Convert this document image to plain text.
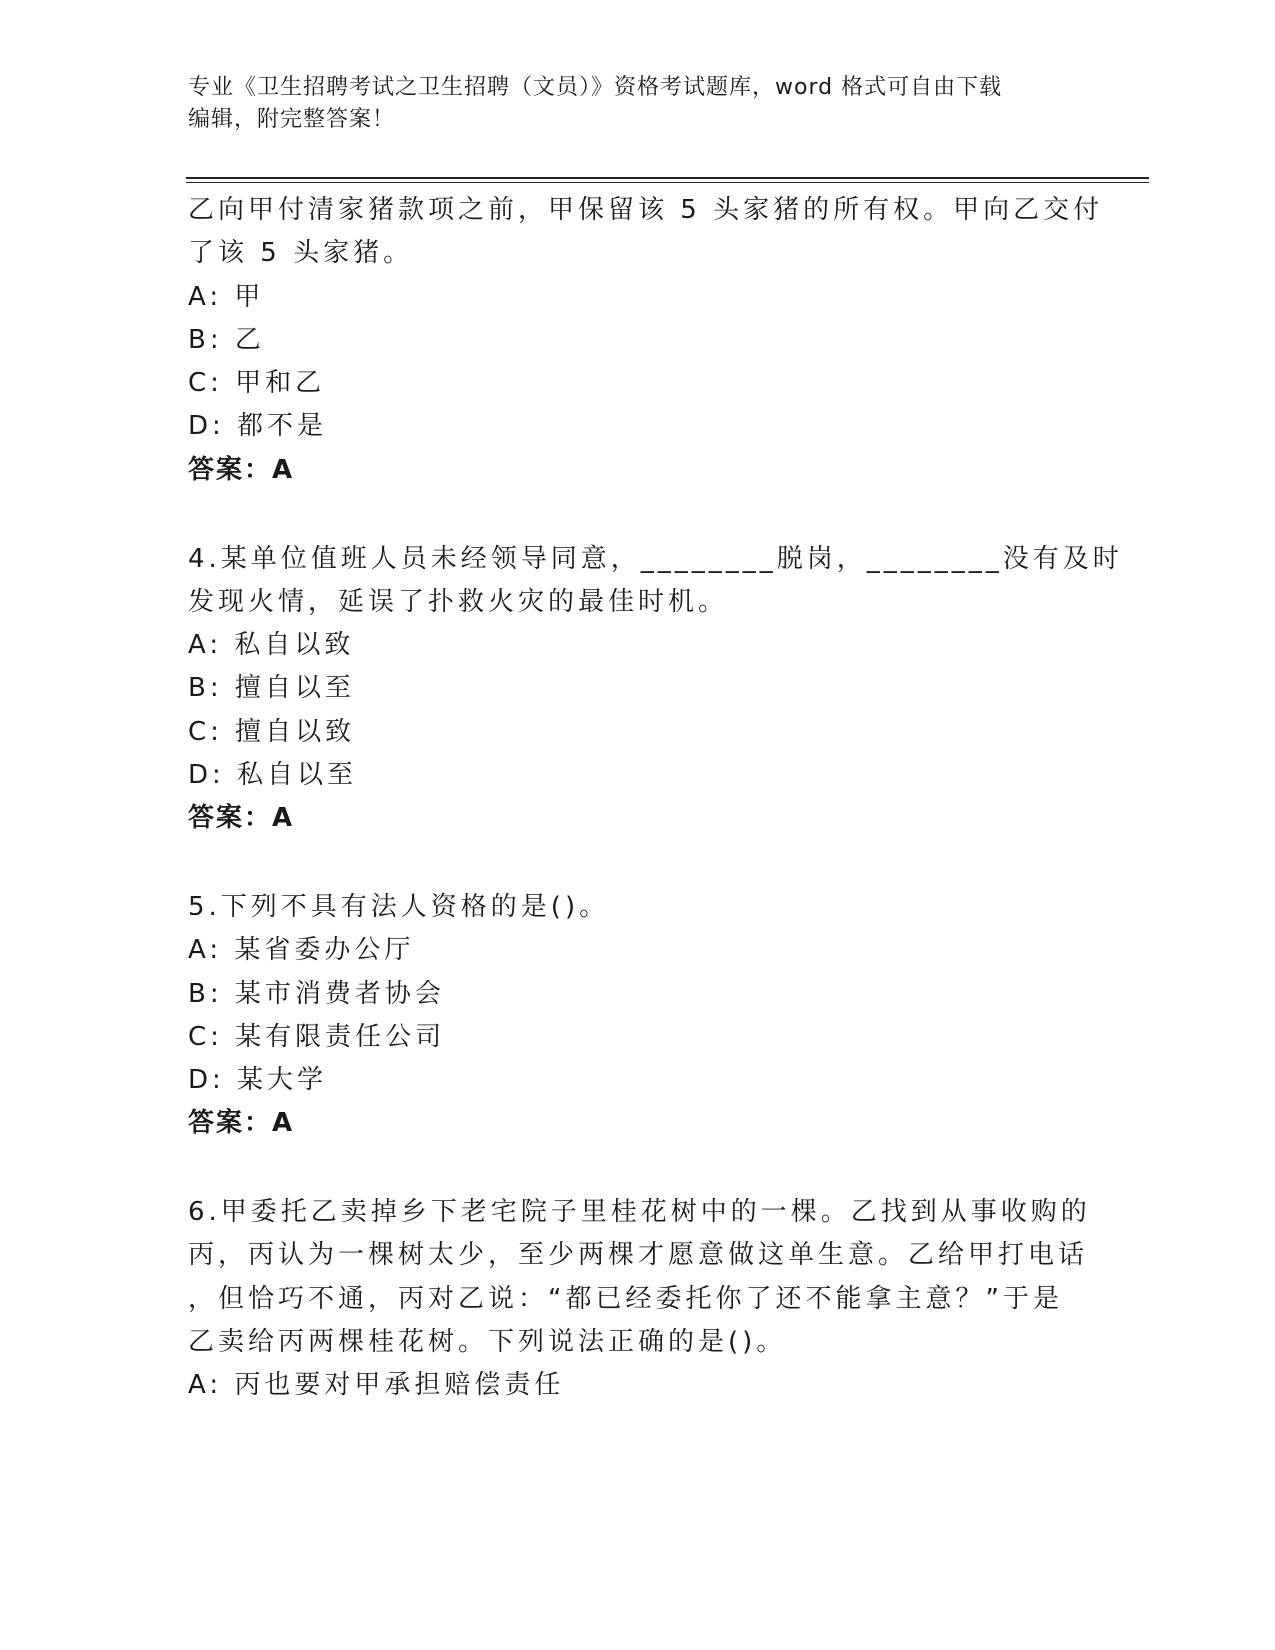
专业《卫生招聘考试之卫生招聘（文员）》资格考试题库，word 格式可自由下载
编辑，附完整答案！
乙向甲付清家猪款项之前，甲保留该 5 头家猪的所有权。甲向乙交付
了该 5 头家猪。
A: 甲
B: 乙
C: 甲和乙
D: 都不是
答案：A
4.某单位值班人员未经领导同意，________脱岗，________没有及时
发现火情，延误了扑救火灾的最佳时机。
A: 私自以致
B: 擅自以至
C: 擅自以致
D: 私自以至
答案：A
5.下列不具有法人资格的是()。
A: 某省委办公厅
B: 某市消费者协会
C: 某有限责任公司
D: 某大学
答案：A
6.甲委托乙卖掉乡下老宅院子里桂花树中的一棵。乙找到从事收购的
丙，丙认为一棵树太少，至少两棵才愿意做这单生意。乙给甲打电话
，但恰巧不通，丙对乙说：“都已经委托你了还不能拿主意？”于是
乙卖给丙两棵桂花树。下列说法正确的是()。
A: 丙也要对甲承担赔偿责任
